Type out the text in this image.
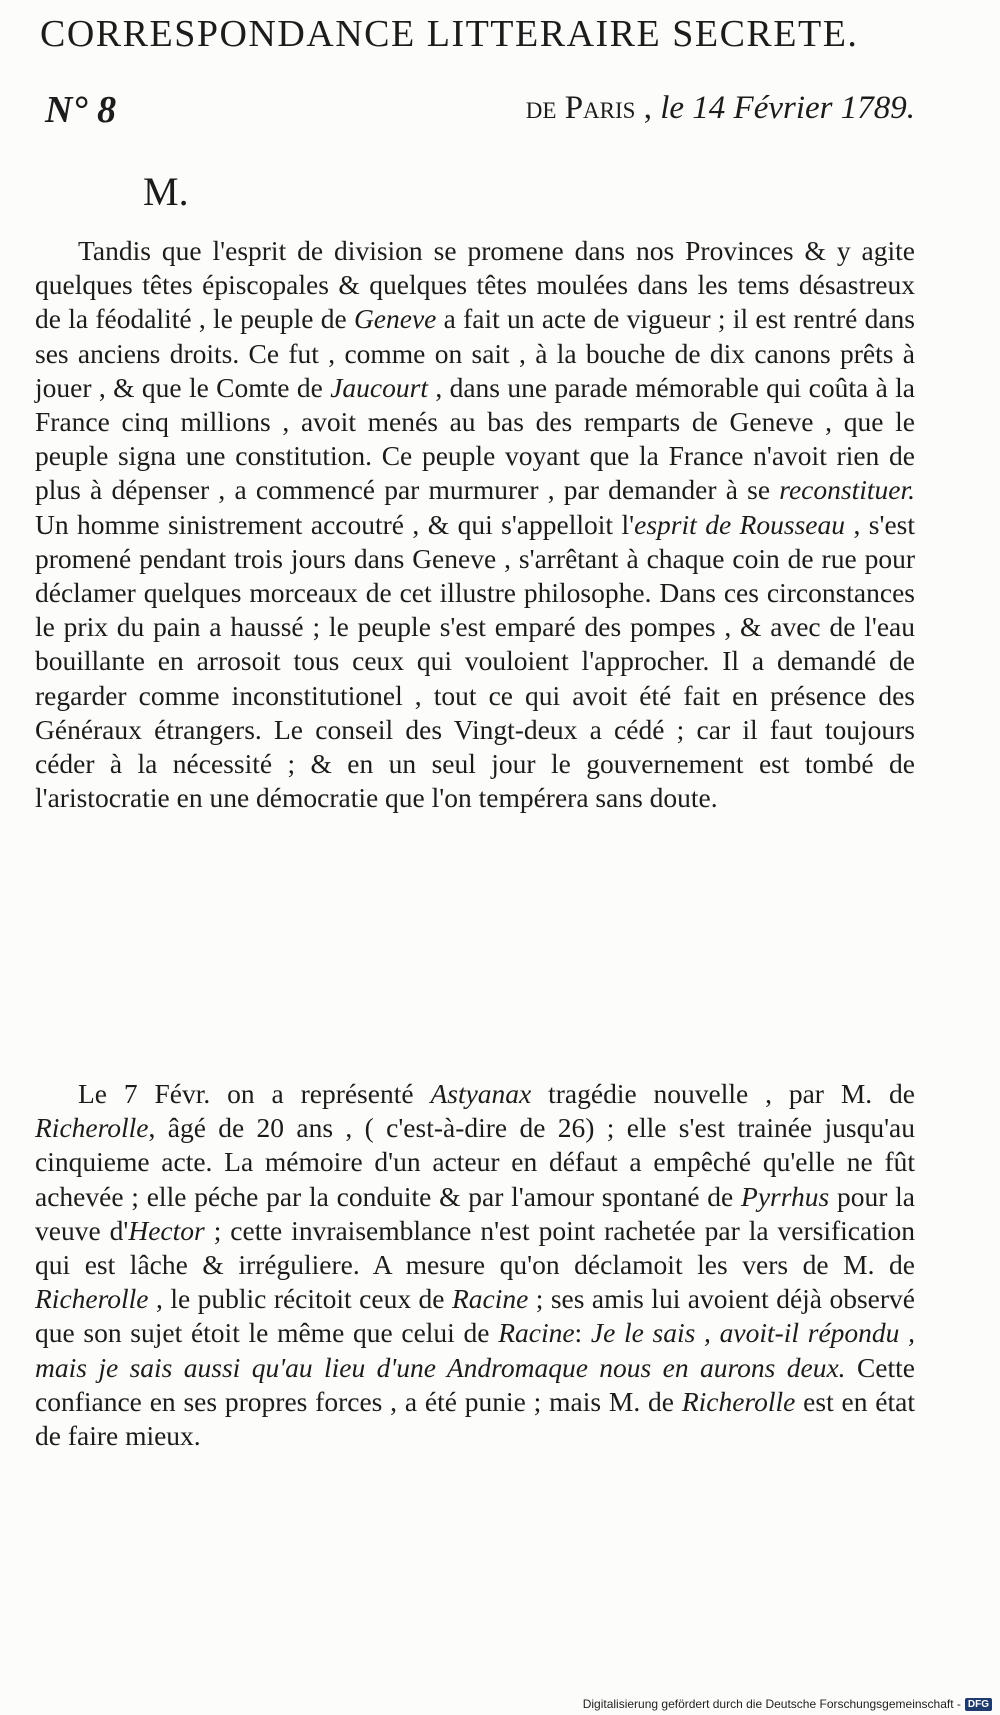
CORRESPONDANCE LITTERAIRE SECRETE.
N° 8	de Paris , le 14 Février 1789.
M.
Tandis que l'esprit de division se promene dans nos Provinces & y agite quelques têtes épiscopales & quelques têtes moulées dans les tems désastreux de la féodalité , le peuple de Geneve a fait un acte de vigueur ; il est rentré dans ses anciens droits. Ce fut , comme on sait , à la bouche de dix canons prêts à jouer , & que le Comte de Jaucourt , dans une parade mémorable qui coûta à la France cinq millions , avoit menés au bas des remparts de Geneve , que le peuple signa une constitution. Ce peuple voyant que la France n'avoit rien de plus à dépenser , a commencé par murmurer , par demander à se reconstituer. Un homme sinistrement accoutré , & qui s'appelloit l'esprit de Rousseau , s'est promené pendant trois jours dans Geneve , s'arrêtant à chaque coin de rue pour déclamer quelques morceaux de cet illustre philosophe. Dans ces circonstances le prix du pain a haussé ; le peuple s'est emparé des pompes , & avec de l'eau bouillante en arrosoit tous ceux qui vouloient l'approcher. Il a demandé de regarder comme inconstitutionel , tout ce qui avoit été fait en présence des Généraux étrangers. Le conseil des Vingt-deux a cédé ; car il faut toujours céder à la nécessité ; & en un seul jour le gouvernement est tombé de l'aristocratie en une démocratie que l'on tempérera sans doute.
Le 7 Févr. on a représenté Astyanax tragédie nouvelle , par M. de Richerolle, âgé de 20 ans , ( c'est-à-dire de 26) ; elle s'est trainée jusqu'au cinquieme acte. La mémoire d'un acteur en défaut a empêché qu'elle ne fût achevée ; elle péche par la conduite & par l'amour spontané de Pyrrhus pour la veuve d'Hector ; cette invraisemblance n'est point rachetée par la versification qui est lâche & irréguliere. A mesure qu'on déclamoit les vers de M. de Richerolle , le public récitoit ceux de Racine ; ses amis lui avoient déjà observé que son sujet étoit le même que celui de Racine: Je le sais , avoit-il répondu , mais je sais aussi qu'au lieu d'une Andromaque nous en aurons deux. Cette confiance en ses propres forces , a été punie ; mais M. de Richerolle est en état de faire mieux.
Digitalisierung gefördert durch die Deutsche Forschungsgemeinschaft - DFG
